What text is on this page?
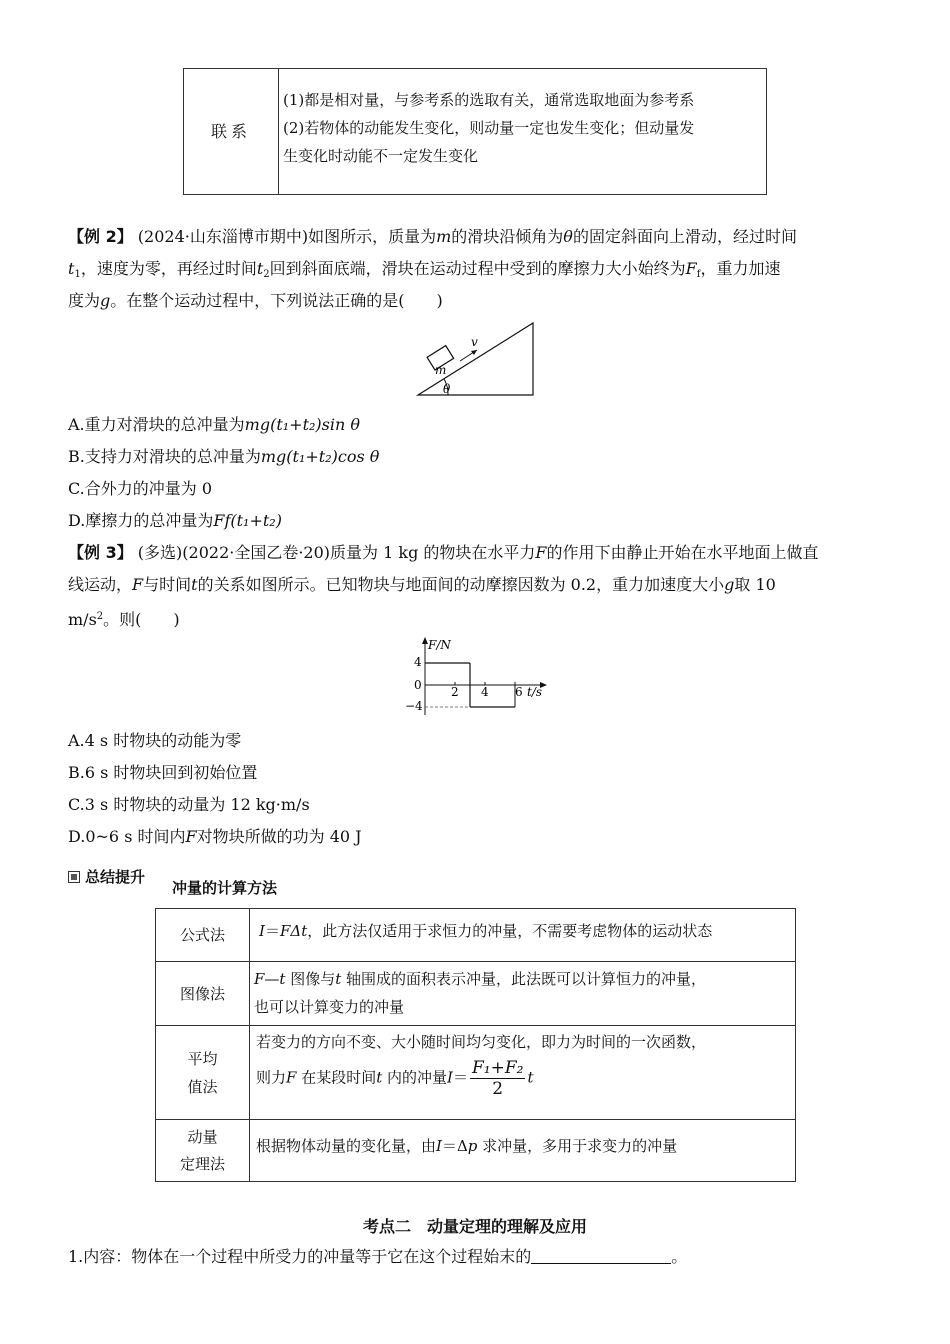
联系
(1)都是相对量，与参考系的选取有关，通常选取地面为参考系
(2)若物体的动能发生变化，则动量一定也发生变化；但动量发
生变化时动能不一定发生变化
【例 2】 (2024·山东淄博市期中)如图所示，质量为m的滑块沿倾角为θ的固定斜面向上滑动，经过时间
$t_1$，速度为零，再经过时间$t_2$回到斜面底端，滑块在运动过程中受到的摩擦力大小始终为$F_f$，重力加速
度为g。在整个运动过程中，下列说法正确的是(　　)
v
m
θ
A.重力对滑块的总冲量为mg(t₁+t₂)sin θ
B.支持力对滑块的总冲量为mg(t₁+t₂)cos θ
C.合外力的冲量为 0
D.摩擦力的总冲量为Ff(t₁+t₂)
【例 3】 (多选)(2022·全国乙卷·20)质量为 1 kg 的物块在水平力F的作用下由静止开始在水平地面上做直
线运动，F与时间t的关系如图所示。已知物块与地面间的动摩擦因数为 0.2，重力加速度大小g取 10
$m/s^2$。则(　　)
F/N
t/s
4
0
−4
2 4 6
A.4 s 时物块的动能为零
B.6 s 时物块回到初始位置
C.3 s 时物块的动量为 12 kg·m/s
D.0~6 s 时间内F对物块所做的功为 40 J
总结提升
冲量的计算方法
公式法 I＝FΔt，此方法仅适用于求恒力的冲量，不需要考虑物体的运动状态
图像法
F—t 图像与t 轴围成的面积表示冲量，此法既可以计算恒力的冲量，
也可以计算变力的冲量
平均
值法
若变力的方向不变、大小随时间均匀变化，即力为时间的一次函数，
则力F 在某段时间t 内的冲量$I= \frac{\text{F₁+F₂}}{2}$ t
动量
定理法
根据物体动量的变化量，由I＝Δp 求冲量，多用于求变力的冲量
考点二　动量定理的理解及应用
1.内容：物体在一个过程中所受力的冲量等于它在这个过程始末的	。
